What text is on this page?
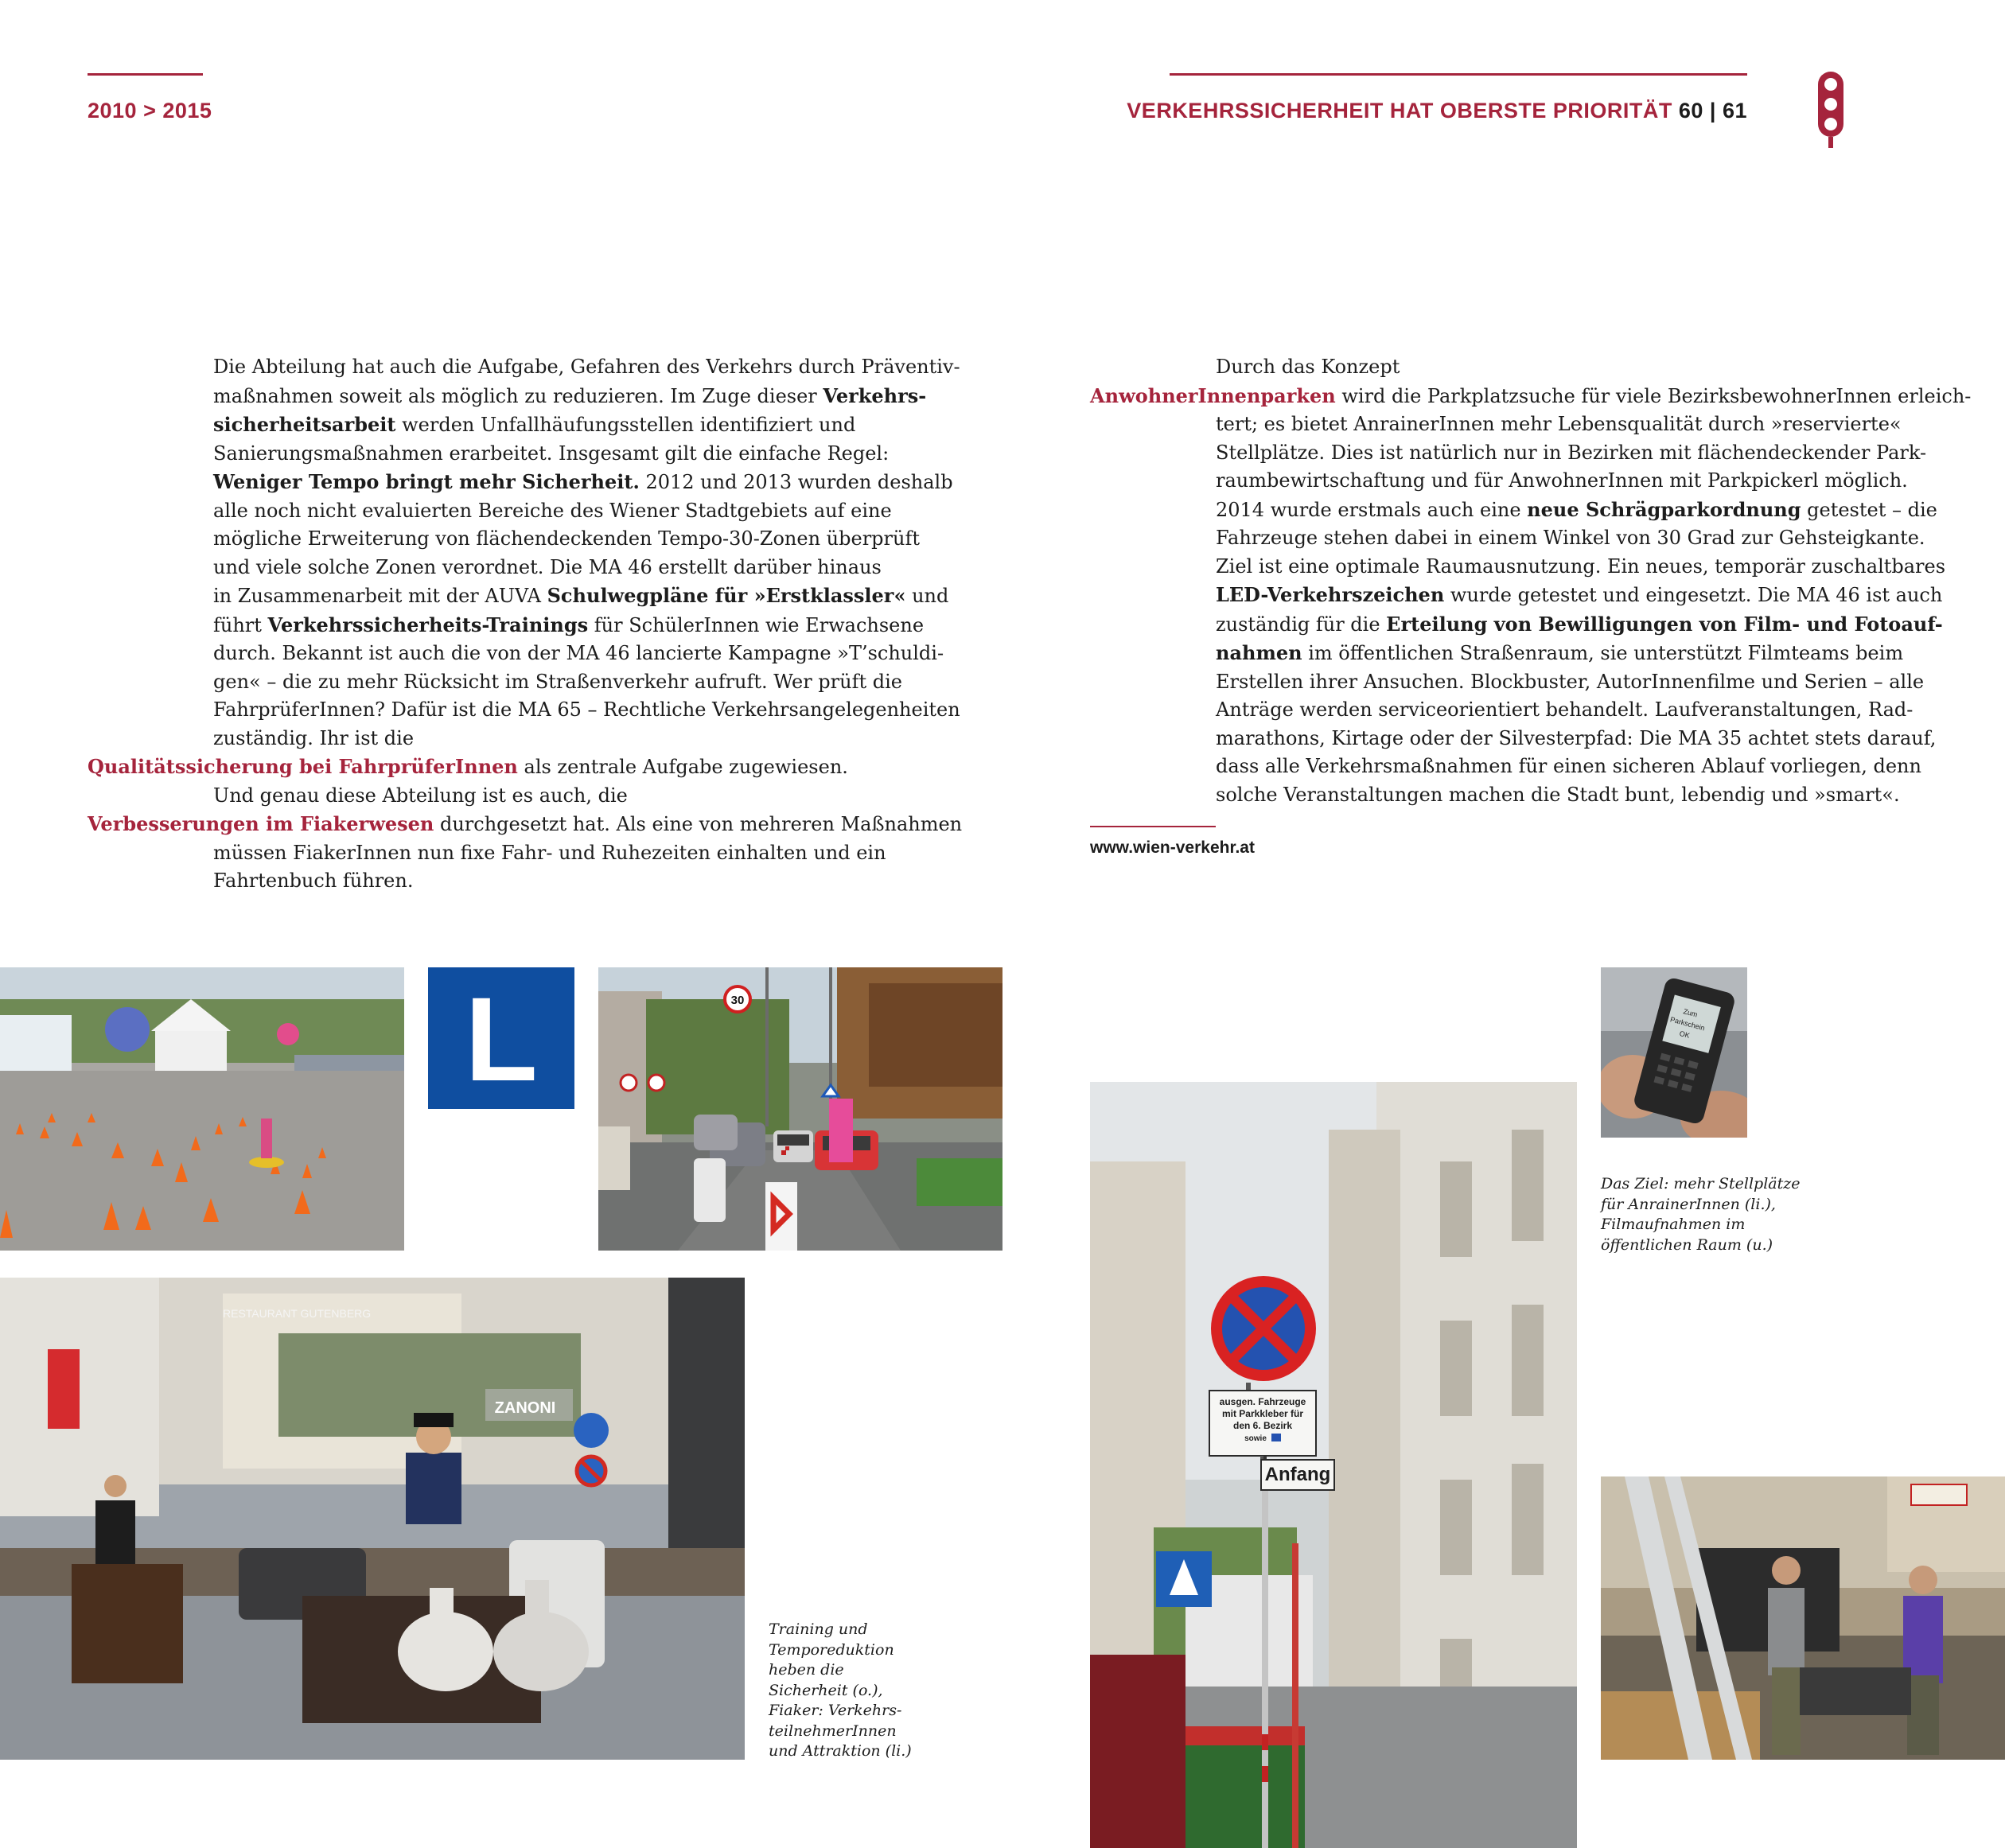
2010 > 2015	VERKEHRSSICHERHEIT HAT OBERSTE PRIORITÄT 60 | 61
Die Abteilung hat auch die Aufgabe, Gefahren des Verkehrs durch Präventiv-
maßnahmen soweit als möglich zu reduzieren. Im Zuge dieser Verkehrs-
sicherheitsarbeit werden Unfallhäufungsstellen identifiziert und
Sanierungsmaßnahmen erarbeitet. Insgesamt gilt die einfache Regel:
Weniger Tempo bringt mehr Sicherheit. 2012 und 2013 wurden deshalb
alle noch nicht evaluierten Bereiche des Wiener Stadtgebiets auf eine
mögliche Erweiterung von flächendeckenden Tempo-30-Zonen überprüft
und viele solche Zonen verordnet. Die MA 46 erstellt darüber hinaus
in Zusammenarbeit mit der AUVA Schulwegpläne für »Erstklassler« und
führt Verkehrssicherheits-Trainings für SchülerInnen wie Erwachsene
durch. Bekannt ist auch die von der MA 46 lancierte Kampagne »T’schuldi-
gen« – die zu mehr Rücksicht im Straßenverkehr aufruft. Wer prüft die
FahrprüferInnen? Dafür ist die MA 65 – Rechtliche Verkehrsangelegenheiten
zuständig. Ihr ist die
Qualitätssicherung bei FahrprüferInnen als zentrale Aufgabe zugewiesen.
Und genau diese Abteilung ist es auch, die
Verbesserungen im Fiakerwesen durchgesetzt hat. Als eine von mehreren Maßnahmen
müssen FiakerInnen nun fixe Fahr- und Ruhezeiten einhalten und ein
Fahrtenbuch führen.
Durch das Konzept
AnwohnerInnenparken wird die Parkplatzsuche für viele BezirksbewohnerInnen erleich-
tert; es bietet AnrainerInnen mehr Lebensqualität durch »reservierte«
Stellplätze. Dies ist natürlich nur in Bezirken mit flächendeckender Park-
raumbewirtschaftung und für AnwohnerInnen mit Parkpickerl möglich.
2014 wurde erstmals auch eine neue Schrägparkordnung getestet – die
Fahrzeuge stehen dabei in einem Winkel von 30 Grad zur Gehsteigkante.
Ziel ist eine optimale Raumausnutzung. Ein neues, temporär zuschaltbares
LED-Verkehrszeichen wurde getestet und eingesetzt. Die MA 46 ist auch
zuständig für die Erteilung von Bewilligungen von Film- und Fotoauf-
nahmen im öffentlichen Straßenraum, sie unterstützt Filmteams beim
Erstellen ihrer Ansuchen. Blockbuster, AutorInnenfilme und Serien – alle
Anträge werden serviceorientiert behandelt. Laufveranstaltungen, Rad-
marathons, Kirtage oder der Silvesterpfad: Die MA 35 achtet stets darauf,
dass alle Verkehrsmaßnahmen für einen sicheren Ablauf vorliegen, denn
solche Veranstaltungen machen die Stadt bunt, lebendig und »smart«.
www.wien-verkehr.at
L	30
RESTAURANT GUTENBERG
ZANONI
Training und
Temporeduktion
heben die
Sicherheit (o.),
Fiaker: Verkehrs-
teilnehmerInnen
und Attraktion (li.)
ausgen. Fahrzeuge
mit Parkkleber für
den 6. Bezirk
sowie
Anfang
Zum
Parkschein
OK
Das Ziel: mehr Stellplätze
für AnrainerInnen (li.),
Filmaufnahmen im
öffentlichen Raum (u.)
